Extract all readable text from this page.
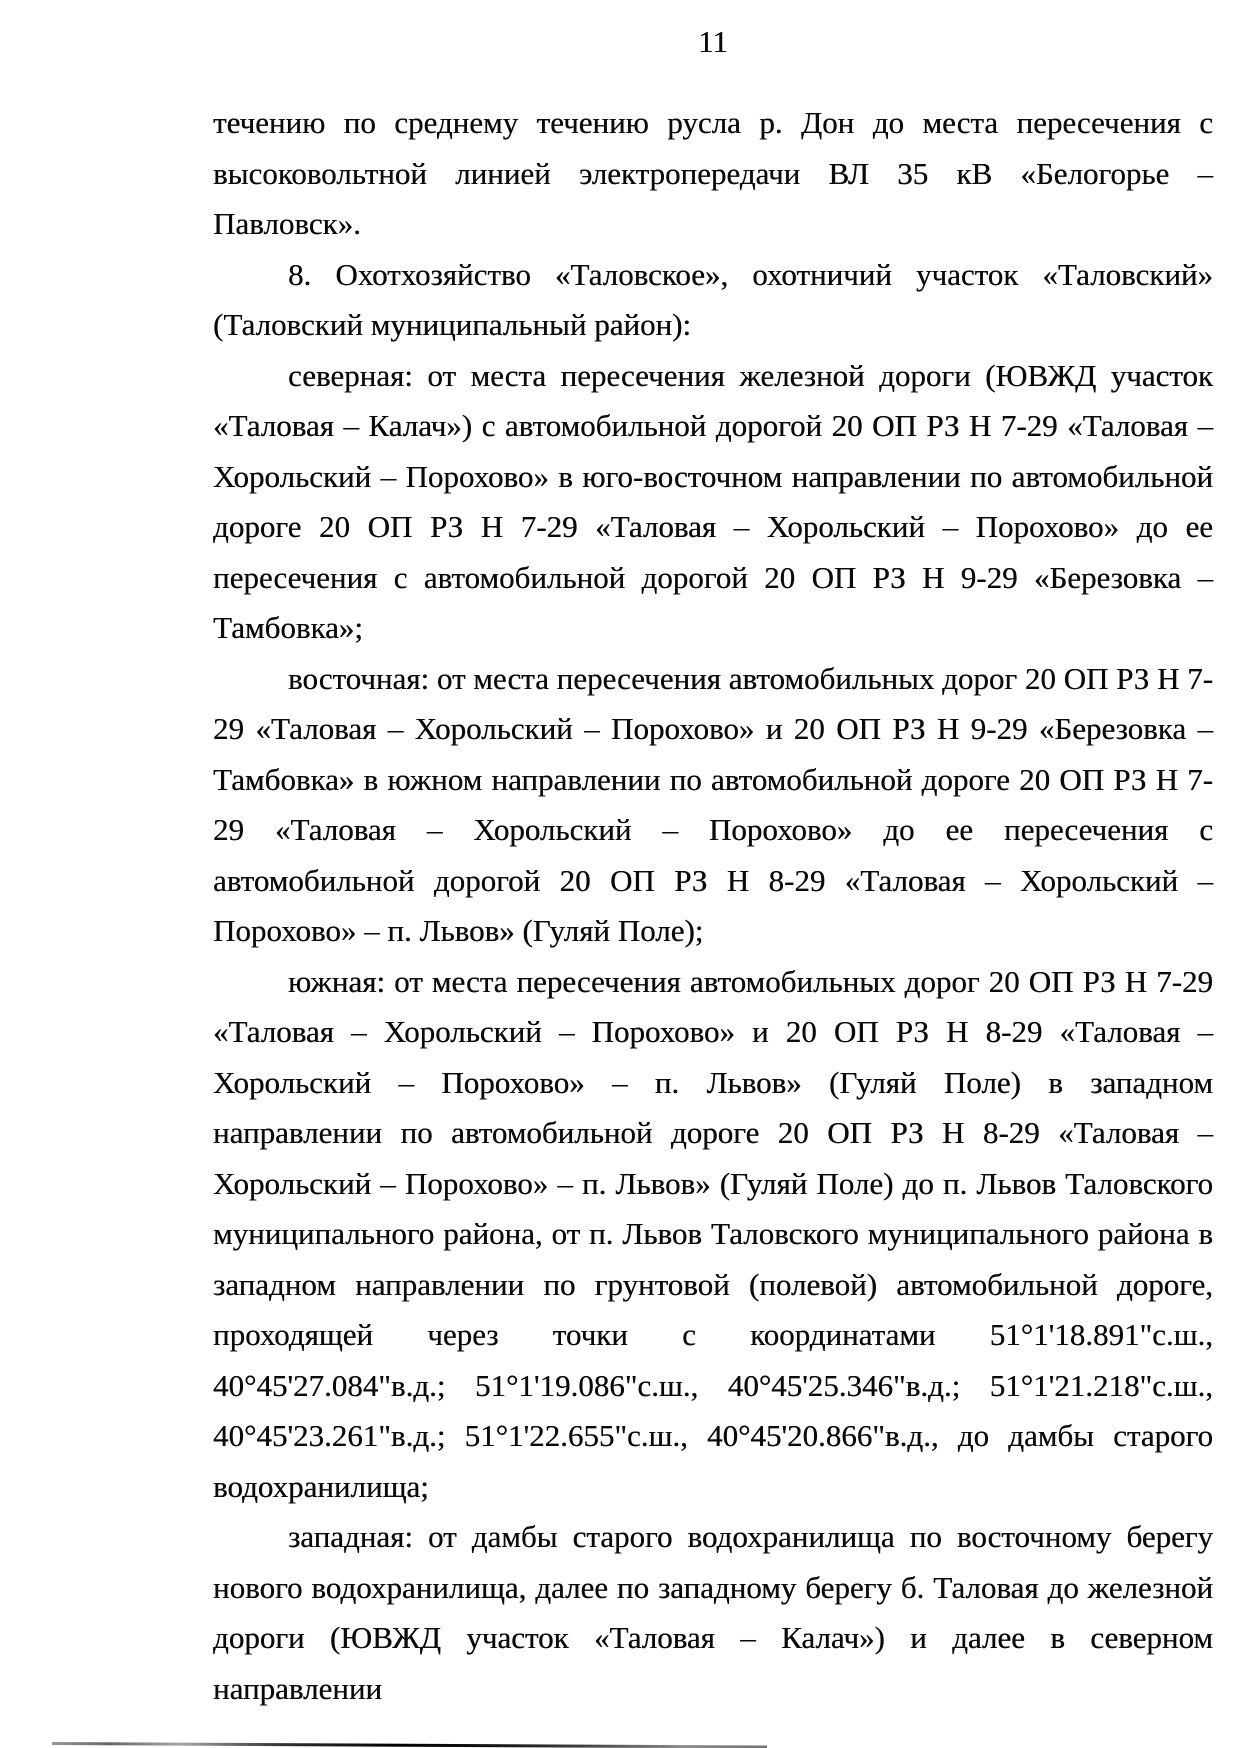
11

течению по среднему течению русла р. Дон до места пересечения с высоковольтной линией электропередачи ВЛ 35 кВ «Белогорье – Павловск».

8. Охотхозяйство «Таловское», охотничий участок «Таловский» (Таловский муниципальный район):

северная: от места пересечения железной дороги (ЮВЖД участок «Таловая – Калач») с автомобильной дорогой 20 ОП РЗ Н 7-29 «Таловая – Хорольский – Порохово» в юго-восточном направлении по автомобильной дороге 20 ОП РЗ Н 7-29 «Таловая – Хорольский – Порохово» до ее пересечения с автомобильной дорогой 20 ОП РЗ Н 9-29 «Березовка – Тамбовка»;

восточная: от места пересечения автомобильных дорог 20 ОП РЗ Н 7-29 «Таловая – Хорольский – Порохово» и 20 ОП РЗ Н 9-29 «Березовка – Тамбовка» в южном направлении по автомобильной дороге 20 ОП РЗ Н 7-29 «Таловая – Хорольский – Порохово» до ее пересечения с автомобильной дорогой 20 ОП РЗ Н 8-29 «Таловая – Хорольский – Порохово» – п. Львов» (Гуляй Поле);

южная: от места пересечения автомобильных дорог 20 ОП РЗ Н 7-29 «Таловая – Хорольский – Порохово» и 20 ОП РЗ Н 8-29 «Таловая – Хорольский – Порохово» – п. Львов» (Гуляй Поле) в западном направлении по автомобильной дороге 20 ОП РЗ Н 8-29 «Таловая – Хорольский – Порохово» – п. Львов» (Гуляй Поле) до п. Львов Таловского муниципального района, от п. Львов Таловского муниципального района в западном направлении по грунтовой (полевой) автомобильной дороге, проходящей через точки с координатами 51°1'18.891"с.ш., 40°45'27.084"в.д.; 51°1'19.086"с.ш., 40°45'25.346"в.д.; 51°1'21.218"с.ш., 40°45'23.261"в.д.; 51°1'22.655"с.ш., 40°45'20.866"в.д., до дамбы старого водохранилища;

западная: от дамбы старого водохранилища по восточному берегу нового водохранилища, далее по западному берегу б. Таловая до железной дороги (ЮВЖД участок «Таловая – Калач») и далее в северном направлении
